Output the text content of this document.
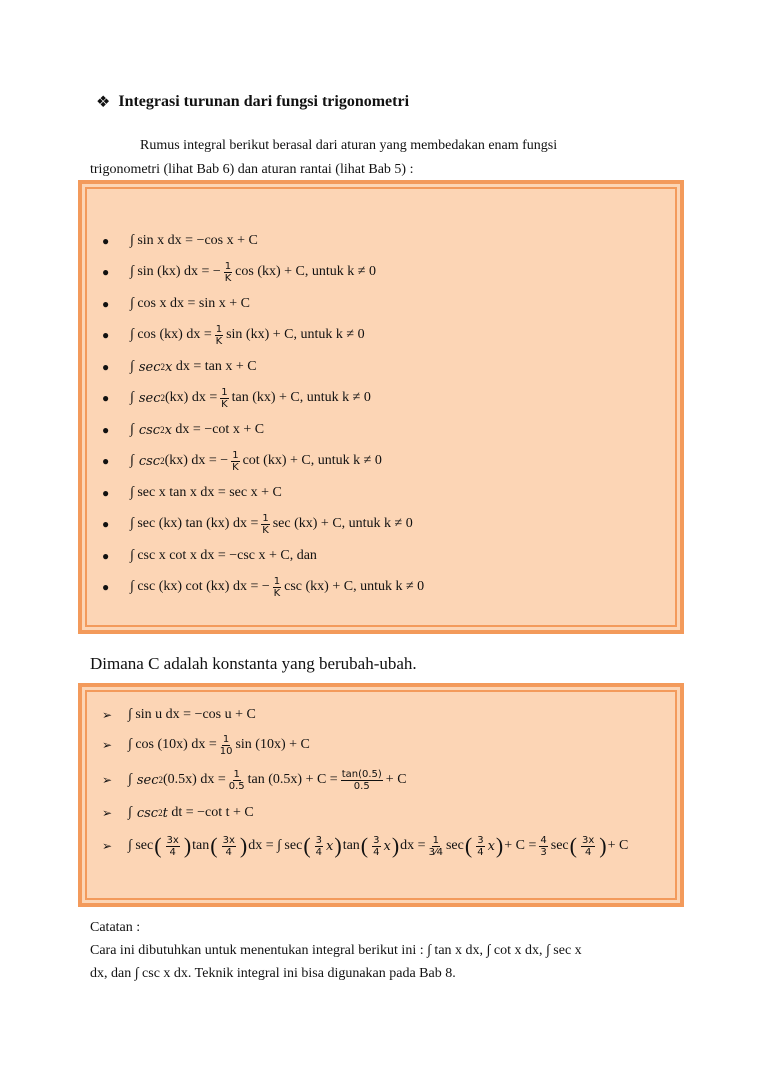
❖ Integrasi turunan dari fungsi trigonometri
Rumus integral berikut berasal dari aturan yang membedakan enam fungsi
trigonometri (lihat Bab 6) dan aturan rantai (lihat Bab 5) :
●	∫ sin x dx = −cos x + C
●	∫ sin (kx) dx = − $\frac{1}{K}$ cos (kx) + C, untuk k ≠ 0
●	∫ cos x dx = sin x + C
●	∫ cos (kx) dx = $\frac{1}{K}$ sin (kx) + C, untuk k ≠ 0
●	∫ sec 2 x
dx = tan x + C
●	∫ sec 2 (kx) dx = $\frac{1}{K}$ tan (kx) + C, untuk k ≠ 0
●	∫ csc 2 x
dx = −cot x + C
●	∫ csc 2 (kx) dx = − $\frac{1}{K}$ cot (kx) + C, untuk k ≠ 0
●	∫ sec x tan x dx = sec x + C
●	∫ sec (kx) tan (kx) dx = $\frac{1}{K}$ sec (kx) + C, untuk k ≠ 0
●	∫ csc x cot x dx = −csc x + C, dan
●	∫ csc (kx) cot (kx) dx = − $\frac{1}{K}$ csc (kx) + C, untuk k ≠ 0
Dimana C adalah konstanta yang berubah-ubah.
➢	∫ sin u dx = −cos u + C
➢	∫ cos (10x) dx = $\frac{1}{10}$ sin (10x) + C
➢	∫ sec 2 (0.5x) dx = $\frac{1}{0.5}$ $\tan (0.5x) + C = \frac{\tan(0.5)}{0.5} + C$
➢	∫ csc 2 t
dt = −cot t + C
➢	∫ sec ( $\frac{3x}{4}$ ) tan ( $\frac{3x}{4}$ ) dx = ∫ sec ( $\frac{3}{4}$ x ) tan ( $\frac{3}{4}$ x ) dx = $\frac{1}{3⁄4}$ sec ( $\frac{3}{4}$ x ) + $C = \frac{4}{3}$ sec ( $\frac{3x}{4}$ ) + C
Catatan :
Cara ini dibutuhkan untuk menentukan integral berikut ini : ∫ tan x dx, ∫ cot x dx, ∫ sec x
dx, dan ∫ csc x dx. Teknik integral ini bisa digunakan pada Bab 8.
